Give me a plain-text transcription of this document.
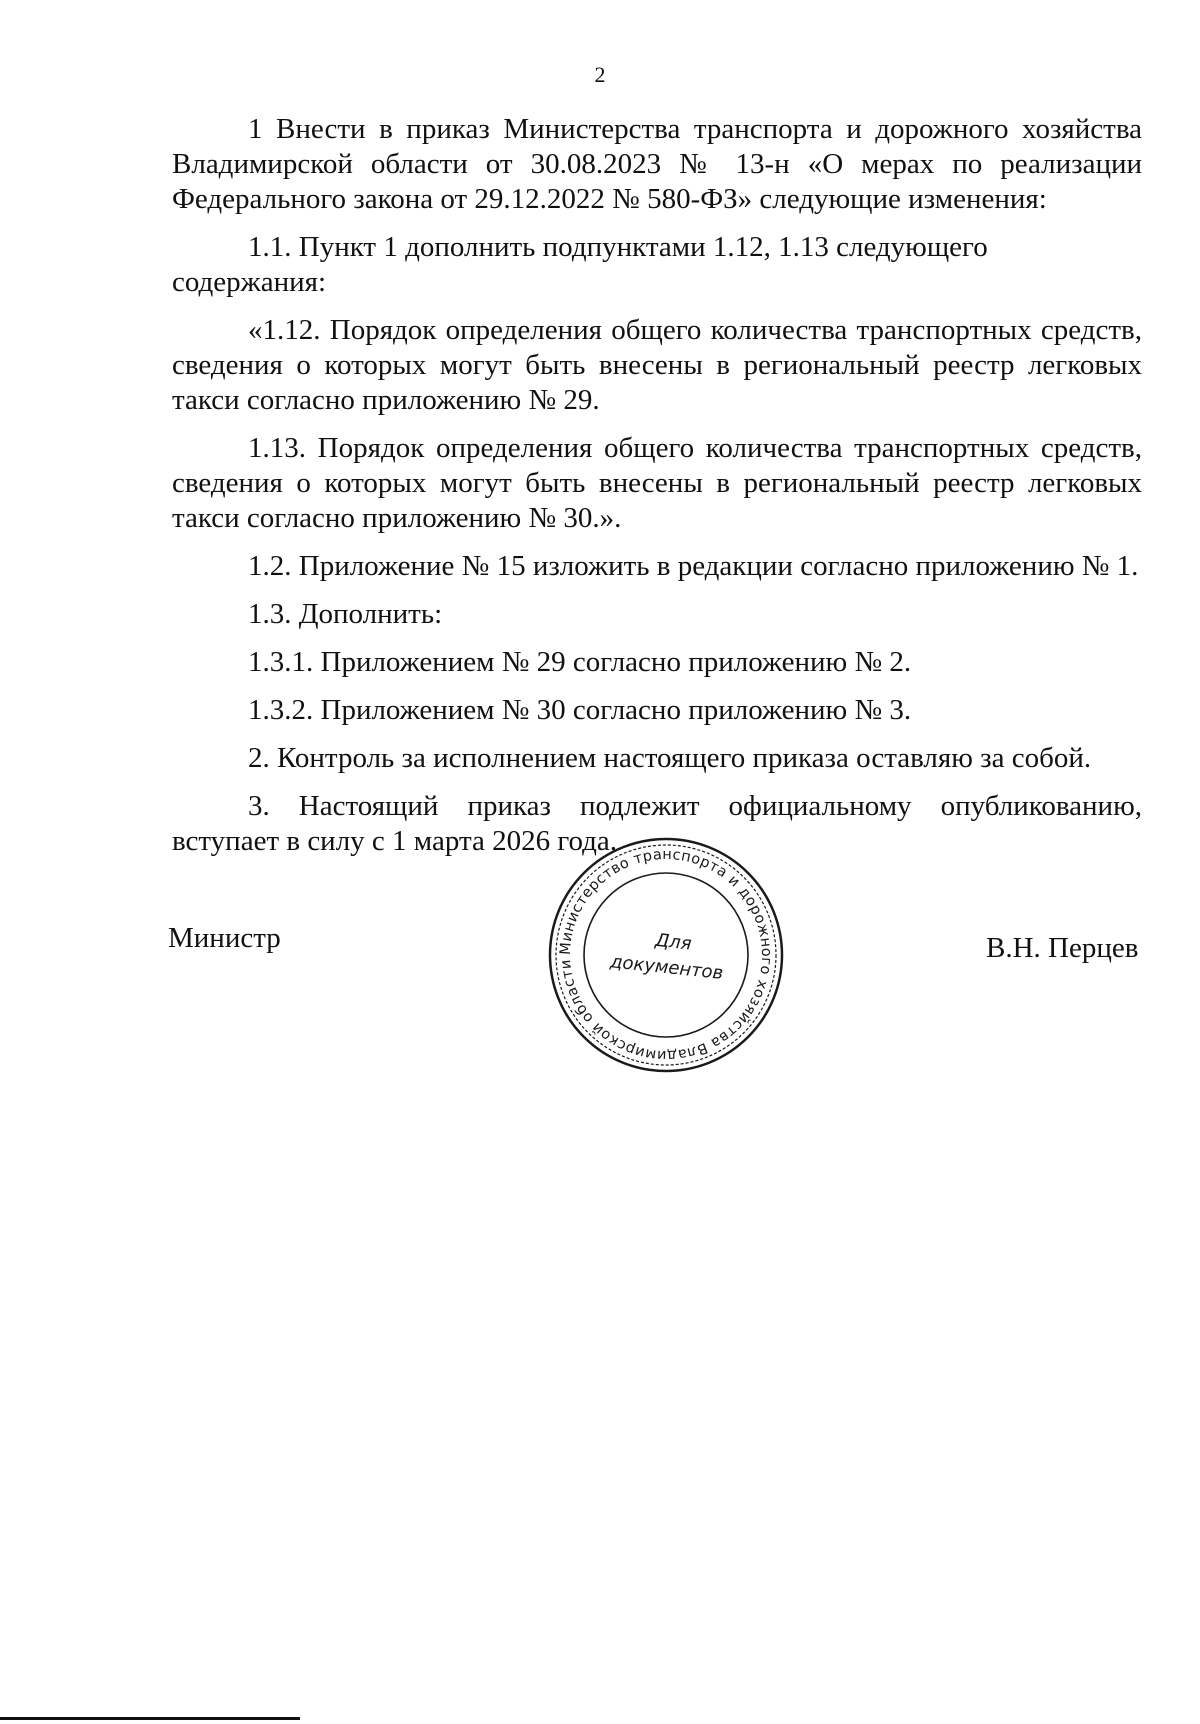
2

1 Внести в приказ Министерства транспорта и дорожного хозяйства Владимирской области от 30.08.2023 № 13-н «О мерах по реализации Федерального закона от 29.12.2022 № 580-ФЗ» следующие изменения:

1.1. Пункт 1 дополнить подпунктами 1.12, 1.13 следующего содержания:

«1.12. Порядок определения общего количества транспортных средств, сведения о которых могут быть внесены в региональный реестр легковых такси согласно приложению № 29.

1.13. Порядок определения общего количества транспортных средств, сведения о которых могут быть внесены в региональный реестр легковых такси согласно приложению № 30.».

1.2. Приложение № 15 изложить в редакции согласно приложению № 1.

1.3. Дополнить:

1.3.1. Приложением № 29 согласно приложению № 2.

1.3.2. Приложением № 30 согласно приложению № 3.

2. Контроль за исполнением настоящего приказа оставляю за собой.

3. Настоящий приказ подлежит официальному опубликованию, вступает в силу с 1 марта 2026 года.

Министр	Министерство транспорта и дорожного хозяйства Владимирской области
Для
документов
В.Н. Перцев
